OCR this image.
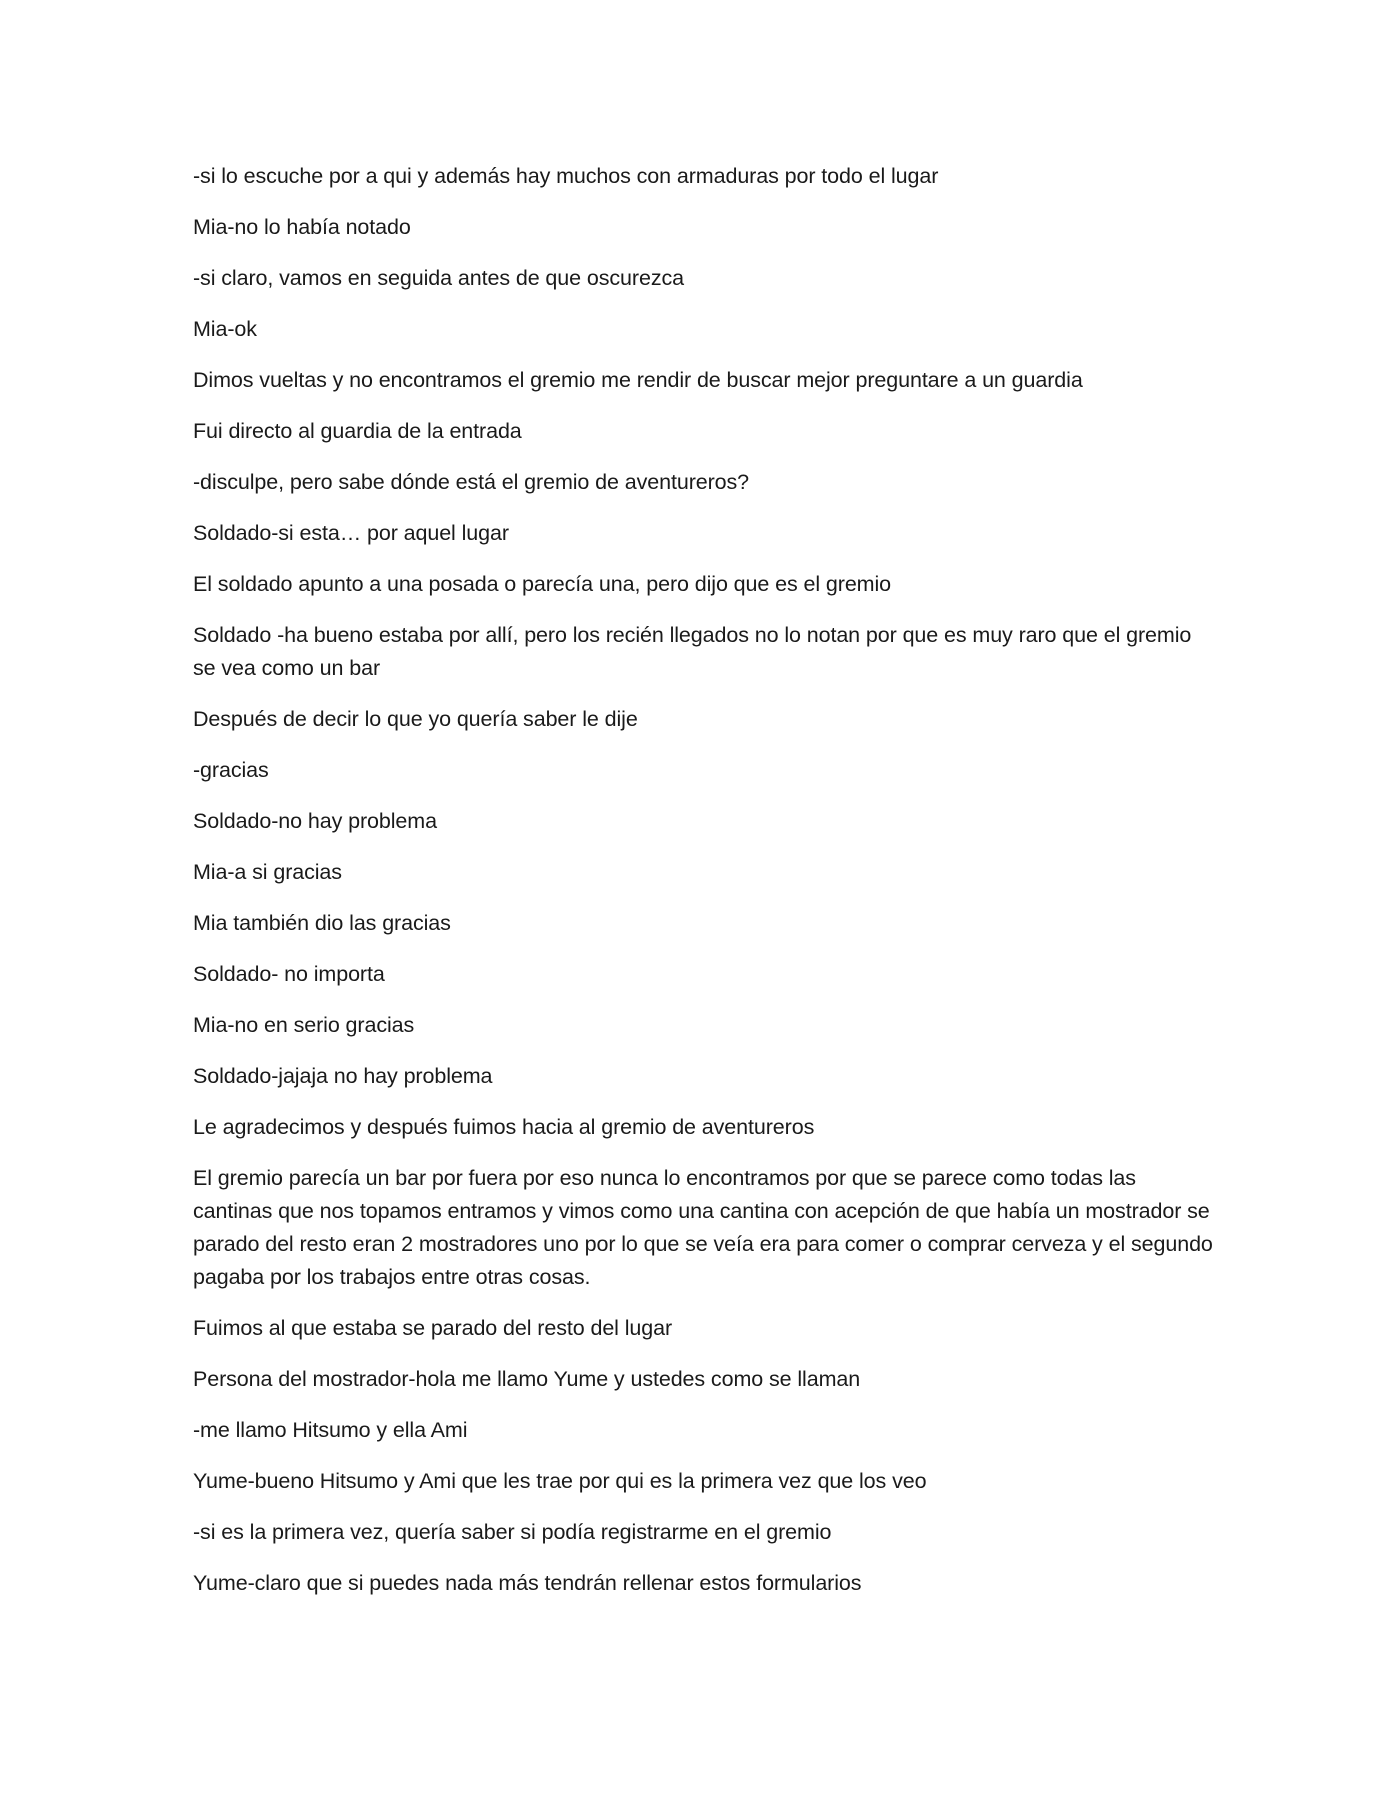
-si lo escuche por a qui y además hay muchos con armaduras por todo el lugar

Mia-no lo había notado

-si claro, vamos en seguida antes de que oscurezca

Mia-ok

Dimos vueltas y no encontramos el gremio me rendir de buscar mejor preguntare a un guardia

Fui directo al guardia de la entrada

-disculpe, pero sabe dónde está el gremio de aventureros?

Soldado-si esta… por aquel lugar

El soldado apunto a una posada o parecía una, pero dijo que es el gremio

Soldado -ha bueno estaba por allí, pero los recién llegados no lo notan por que es muy raro que el gremio se vea como un bar

Después de decir lo que yo quería saber le dije

-gracias

Soldado-no hay problema

Mia-a si gracias

Mia también dio las gracias

Soldado- no importa

Mia-no en serio gracias

Soldado-jajaja no hay problema

Le agradecimos y después fuimos hacia al gremio de aventureros

El gremio parecía un bar por fuera por eso nunca lo encontramos por que se parece como todas las cantinas que nos topamos entramos y vimos como una cantina con acepción de que había un mostrador se parado del resto eran 2 mostradores uno por lo que se veía era para comer o comprar cerveza y el segundo pagaba por los trabajos entre otras cosas.

Fuimos al que estaba se parado del resto del lugar

Persona del mostrador-hola me llamo Yume y ustedes como se llaman

-me llamo Hitsumo y ella Ami

Yume-bueno Hitsumo y Ami que les trae por qui es la primera vez que los veo

-si es la primera vez, quería saber si podía registrarme en el gremio

Yume-claro que si puedes nada más tendrán rellenar estos formularios
